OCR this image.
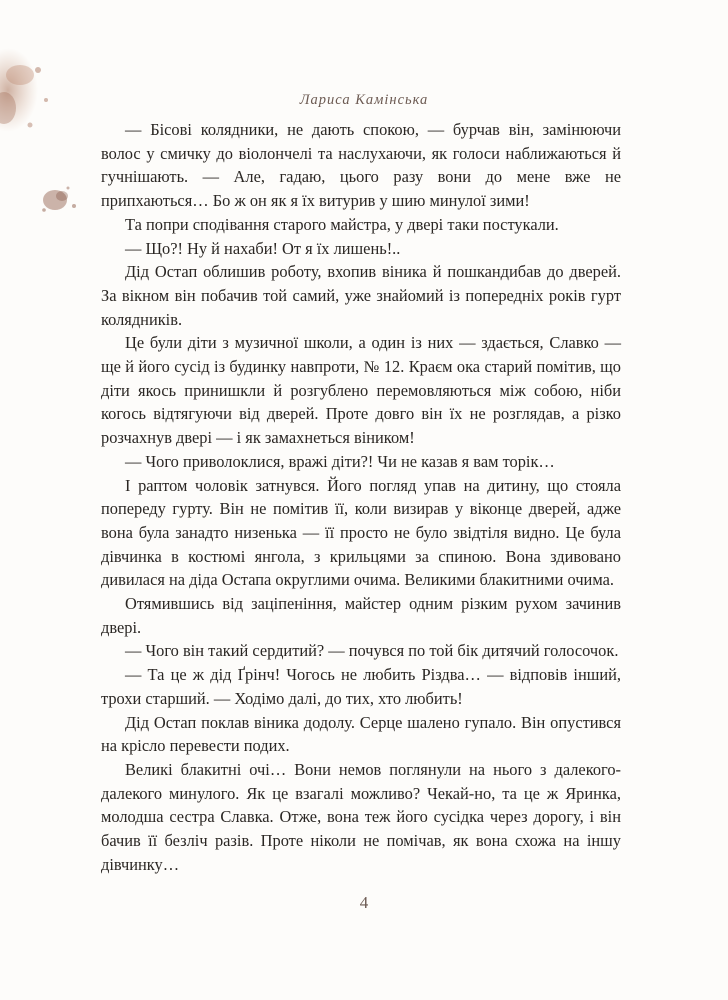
Лариса Камінська

— Бісові колядники, не дають спокою, — бурчав він, замінюючи волос у смичку до віолончелі та наслухаючи, як голоси наближаються й гучнішають. — Але, гадаю, цього разу вони до мене вже не припхаються… Бо ж он як я їх витурив у шию минулої зими!

Та попри сподівання старого майстра, у двері таки постукали.

— Що?! Ну й нахаби! От я їх лишень!..

Дід Остап облишив роботу, вхопив віника й пошкандибав до дверей. За вікном він побачив той самий, уже знайомий із попередніх років гурт колядників.

Це були діти з музичної школи, а один із них — здається, Славко — ще й його сусід із будинку навпроти, № 12. Краєм ока старий помітив, що діти якось принишкли й розгублено перемовляються між собою, ніби когось відтягуючи від дверей. Проте довго він їх не розглядав, а різко розчахнув двері — і як замахнеться віником!

— Чого приволоклися, вражі діти?! Чи не казав я вам торік…

І раптом чоловік затнувся. Його погляд упав на дитину, що стояла попереду гурту. Він не помітив її, коли визирав у віконце дверей, адже вона була занадто низенька — її просто не було звідтіля видно. Це була дівчинка в костюмі янгола, з крильцями за спиною. Вона здивовано дивилася на діда Остапа округлими очима. Великими блакитними очима.

Отямившись від заціпеніння, майстер одним різким рухом зачинив двері.

— Чого він такий сердитий? — почувся по той бік дитячий голосочок.

— Та це ж дід Ґрінч! Чогось не любить Різдва… — відповів інший, трохи старший. — Ходімо далі, до тих, хто любить!

Дід Остап поклав віника додолу. Серце шалено гупало. Він опустився на крісло перевести подих.

Великі блакитні очі… Вони немов поглянули на нього з далекого-далекого минулого. Як це взагалі можливо? Чекай-но, та це ж Яринка, молодша сестра Славка. Отже, вона теж його сусідка через дорогу, і він бачив її безліч разів. Проте ніколи не помічав, як вона схожа на іншу дівчинку…

4
